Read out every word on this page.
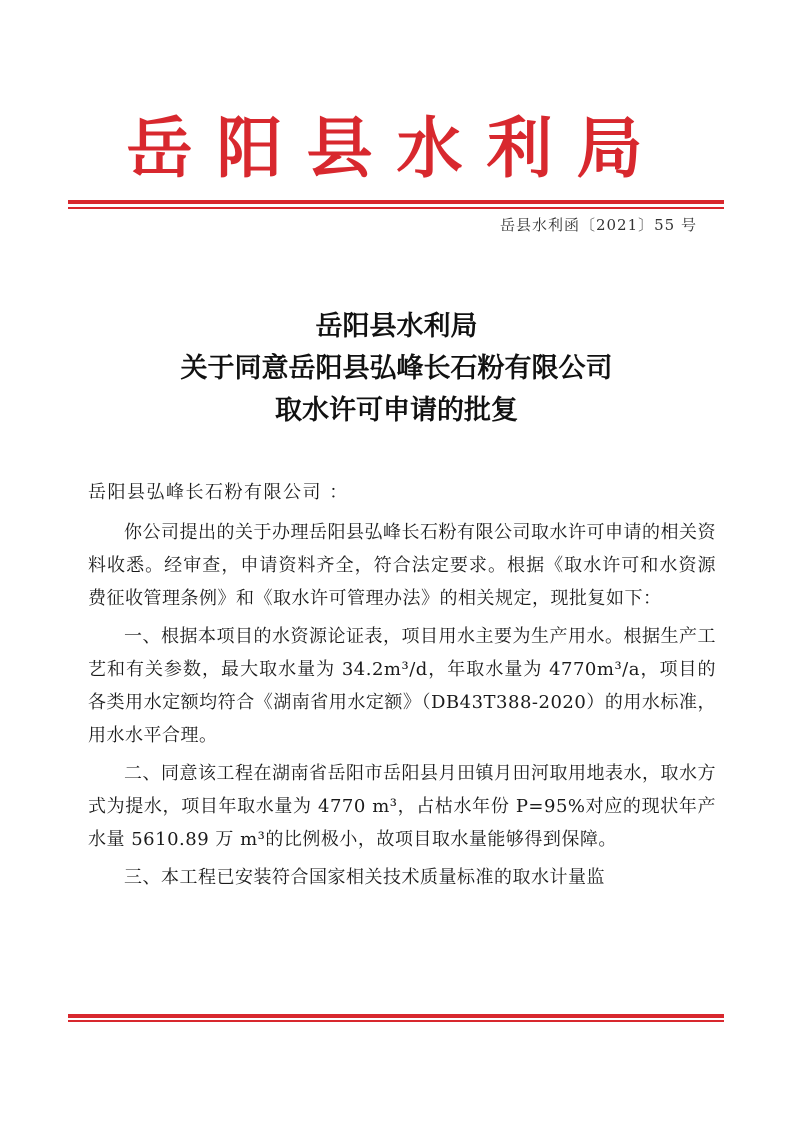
岳阳县水利局
岳县水利函〔2021〕55 号
岳阳县水利局
关于同意岳阳县弘峰长石粉有限公司
取水许可申请的批复
岳阳县弘峰长石粉有限公司 ：

你公司提出的关于办理岳阳县弘峰长石粉有限公司取水许可申请的相关资料收悉。经审查，申请资料齐全，符合法定要求。根据《取水许可和水资源费征收管理条例》和《取水许可管理办法》的相关规定，现批复如下：

一、根据本项目的水资源论证表，项目用水主要为生产用水。根据生产工艺和有关参数，最大取水量为 34.2m³/d，年取水量为 4770m³/a，项目的各类用水定额均符合《湖南省用水定额》（DB43T388-2020）的用水标准，用水水平合理。

二、同意该工程在湖南省岳阳市岳阳县月田镇月田河取用地表水，取水方式为提水，项目年取水量为 4770 m³，占枯水年份 P=95%对应的现状年产水量 5610.89 万 m³的比例极小，故项目取水量能够得到保障。

三、本工程已安装符合国家相关技术质量标准的取水计量监
